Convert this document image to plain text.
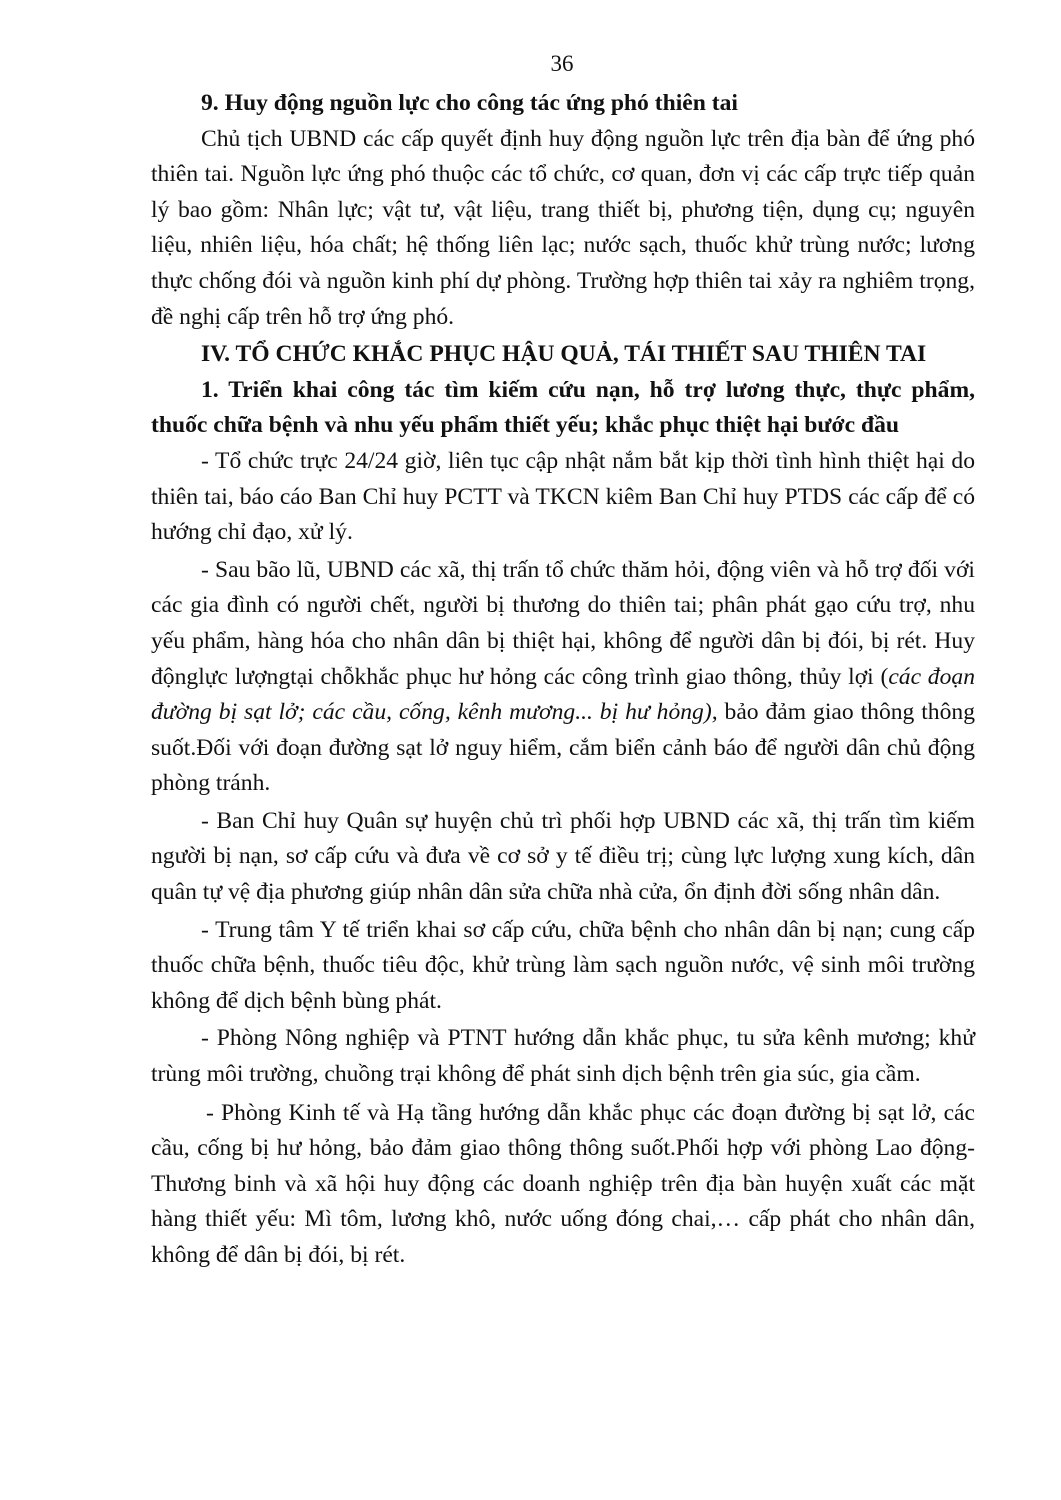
36

9. Huy động nguồn lực cho công tác ứng phó thiên tai

Chủ tịch UBND các cấp quyết định huy động nguồn lực trên địa bàn để ứng phó thiên tai. Nguồn lực ứng phó thuộc các tổ chức, cơ quan, đơn vị các cấp trực tiếp quản lý bao gồm: Nhân lực; vật tư, vật liệu, trang thiết bị, phương tiện, dụng cụ; nguyên liệu, nhiên liệu, hóa chất; hệ thống liên lạc; nước sạch, thuốc khử trùng nước; lương thực chống đói và nguồn kinh phí dự phòng. Trường hợp thiên tai xảy ra nghiêm trọng, đề nghị cấp trên hỗ trợ ứng phó.

IV. TỔ CHỨC KHẮC PHỤC HẬU QUẢ, TÁI THIẾT SAU THIÊN TAI

1. Triển khai công tác tìm kiếm cứu nạn, hỗ trợ lương thực, thực phẩm, thuốc chữa bệnh và nhu yếu phẩm thiết yếu; khắc phục thiệt hại bước đầu

- Tổ chức trực 24/24 giờ, liên tục cập nhật nắm bắt kịp thời tình hình thiệt hại do thiên tai, báo cáo Ban Chỉ huy PCTT và TKCN kiêm Ban Chỉ huy PTDS các cấp để có hướng chỉ đạo, xử lý.

- Sau bão lũ, UBND các xã, thị trấn tổ chức thăm hỏi, động viên và hỗ trợ đối với các gia đình có người chết, người bị thương do thiên tai; phân phát gạo cứu trợ, nhu yếu phẩm, hàng hóa cho nhân dân bị thiệt hại, không để người dân bị đói, bị rét. Huy độnglực lượngtại chỗkhắc phục hư hỏng các công trình giao thông, thủy lợi (các đoạn đường bị sạt lở; các cầu, cống, kênh mương... bị hư hỏng), bảo đảm giao thông thông suốt.Đối với đoạn đường sạt lở nguy hiểm, cắm biển cảnh báo để người dân chủ động phòng tránh.

- Ban Chỉ huy Quân sự huyện chủ trì phối hợp UBND các xã, thị trấn tìm kiếm người bị nạn, sơ cấp cứu và đưa về cơ sở y tế điều trị; cùng lực lượng xung kích, dân quân tự vệ địa phương giúp nhân dân sửa chữa nhà cửa, ổn định đời sống nhân dân.

- Trung tâm Y tế triển khai sơ cấp cứu, chữa bệnh cho nhân dân bị nạn; cung cấp thuốc chữa bệnh, thuốc tiêu độc, khử trùng làm sạch nguồn nước, vệ sinh môi trường không để dịch bệnh bùng phát.

- Phòng Nông nghiệp và PTNT hướng dẫn khắc phục, tu sửa kênh mương; khử trùng môi trường, chuồng trại không để phát sinh dịch bệnh trên gia súc, gia cầm.

- Phòng Kinh tế và Hạ tầng hướng dẫn khắc phục các đoạn đường bị sạt lở, các cầu, cống bị hư hỏng, bảo đảm giao thông thông suốt.Phối hợp với phòng Lao động- Thương binh và xã hội huy động các doanh nghiệp trên địa bàn huyện xuất các mặt hàng thiết yếu: Mì tôm, lương khô, nước uống đóng chai,… cấp phát cho nhân dân, không để dân bị đói, bị rét.
